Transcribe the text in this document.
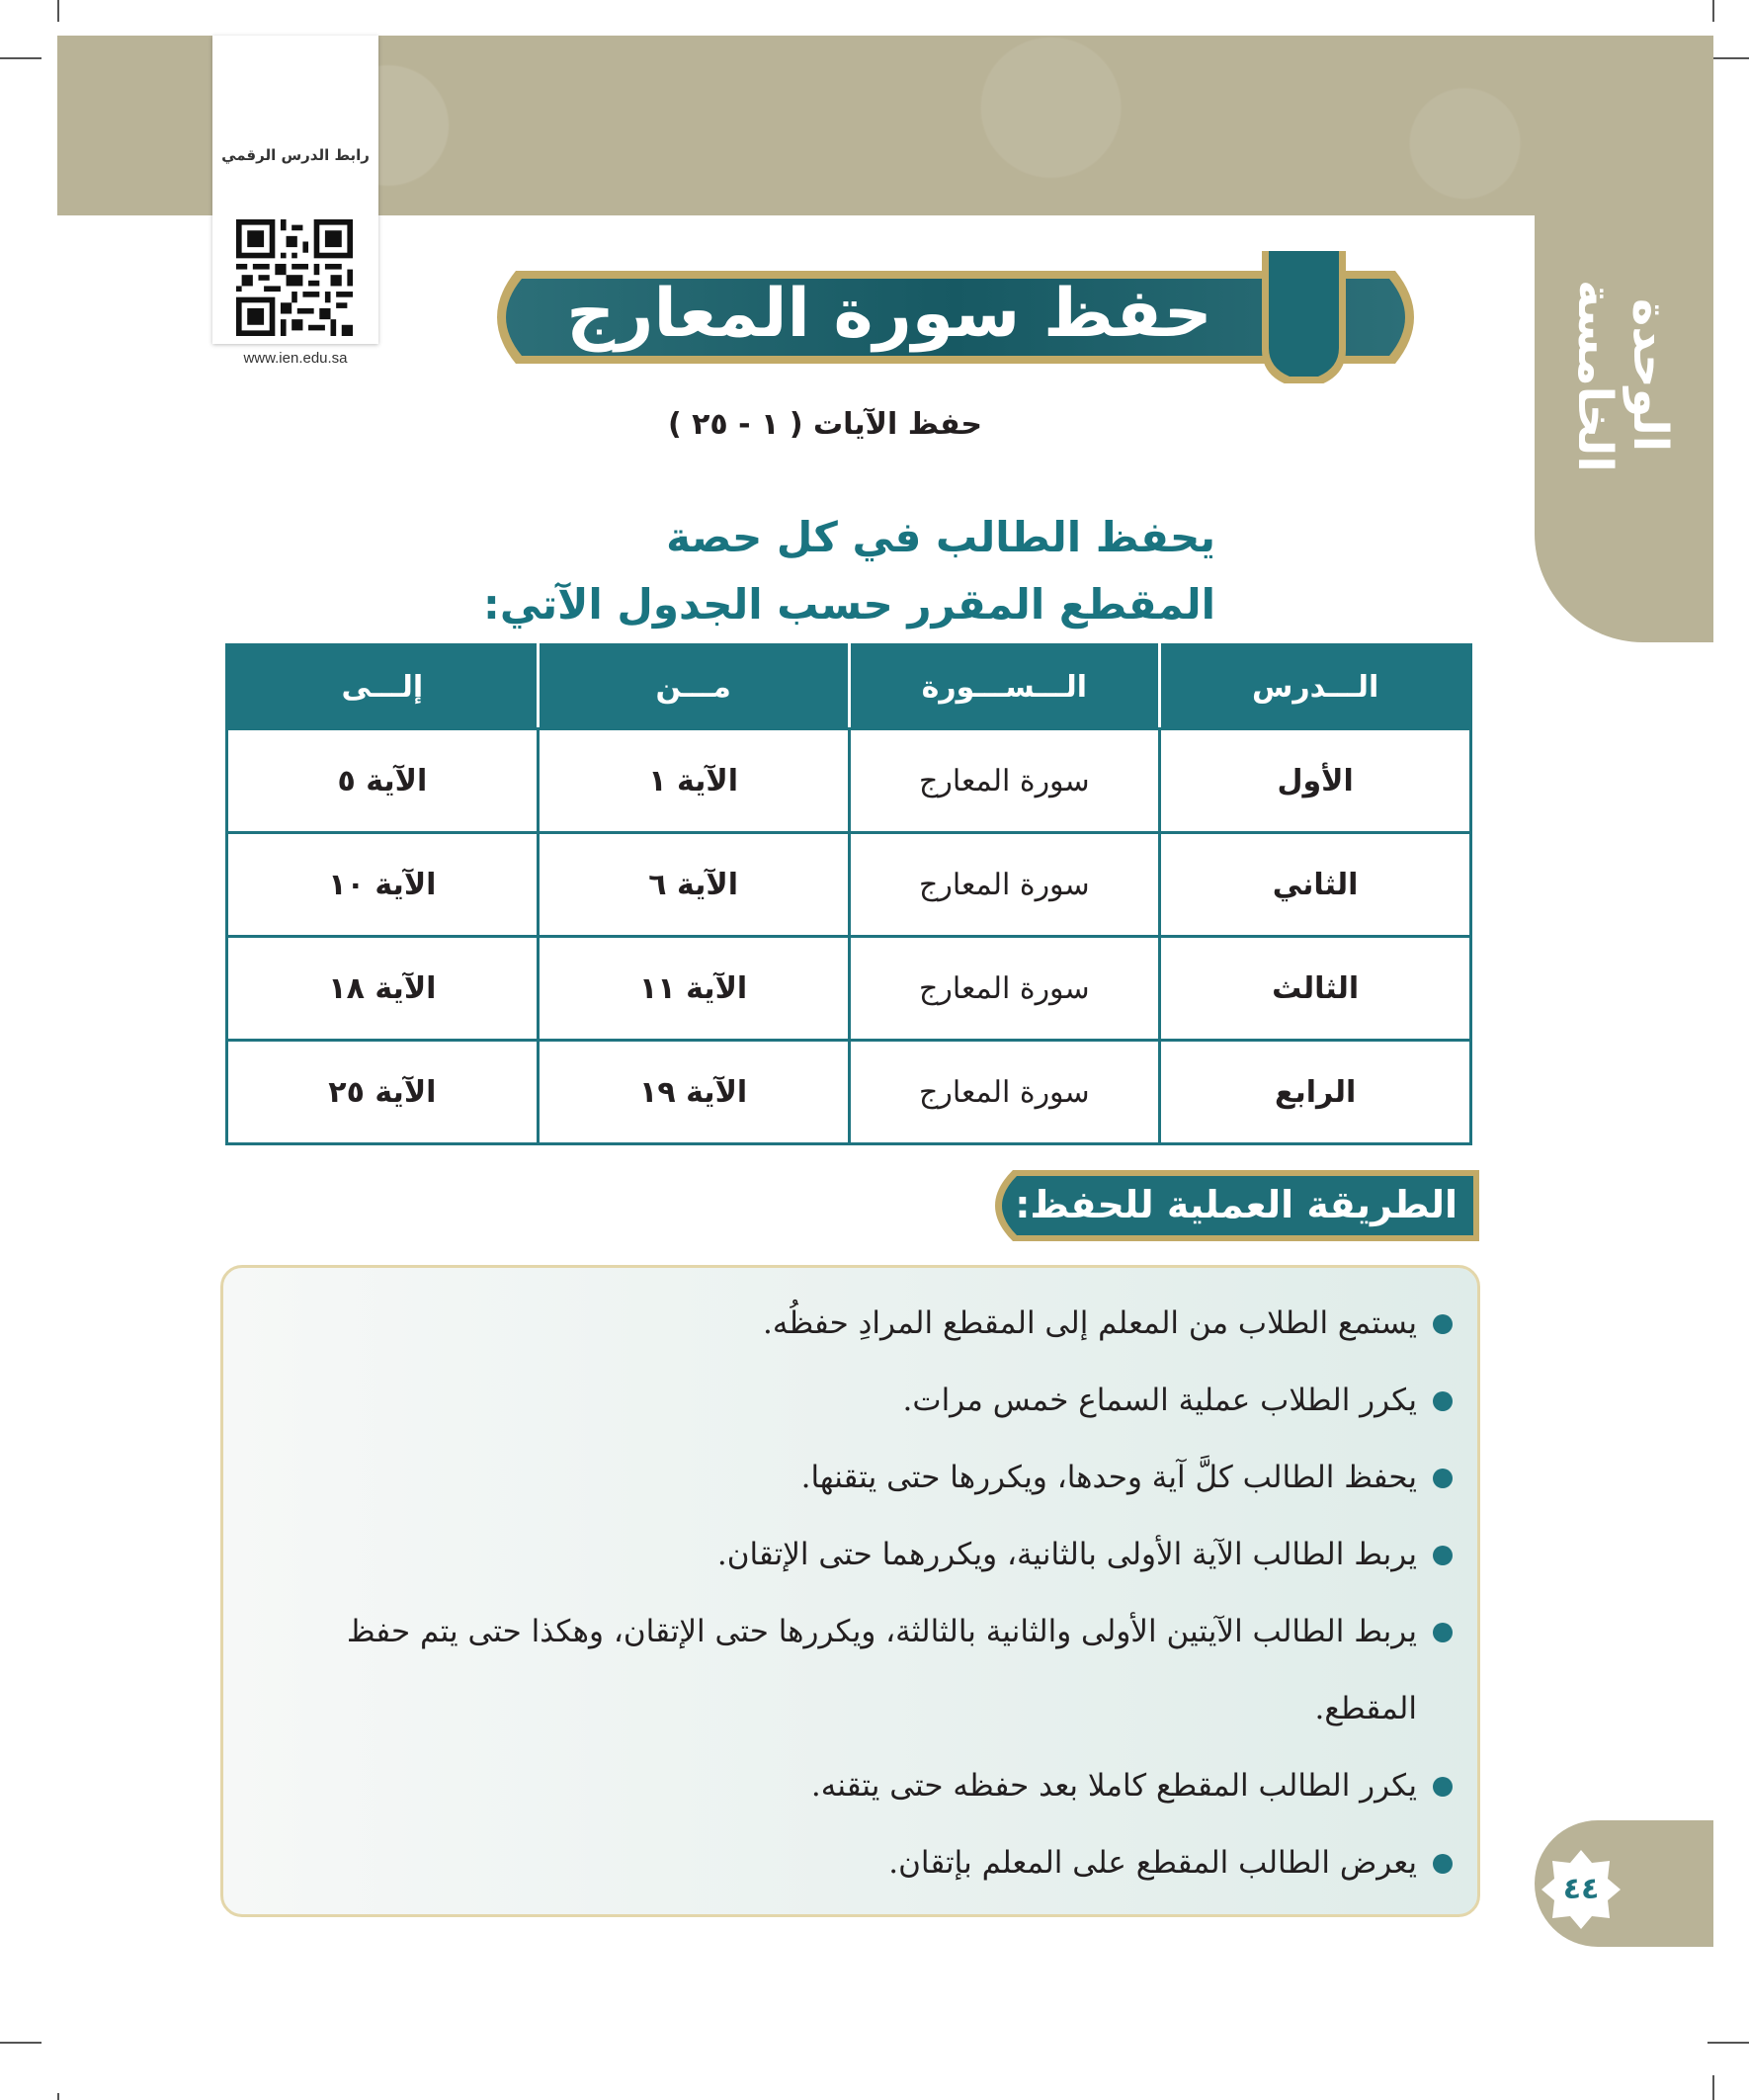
الوحدة الخامسة
رابط الدرس الرقمي
www.ien.edu.sa
حفظ سورة المعارج
حفظ الآيات ( ١ - ٢٥ )
يحفظ الطالب في كل حصة
المقطع المقرر حسب الجدول الآتي:
الـــدرس	الـــســـورة	مـــن	إلـــى
الأول	سورة المعارج	الآية ١	الآية ٥
الثاني	سورة المعارج	الآية ٦	الآية ١٠
الثالث	سورة المعارج	الآية ١١	الآية ١٨
الرابع	سورة المعارج	الآية ١٩	الآية ٢٥
الطريقة العملية للحفظ:
يستمع الطلاب من المعلم إلى المقطع المرادِ حفظُه.
يكرر الطلاب عملية السماع خمس مرات.
يحفظ الطالب كلَّ آية وحدها، ويكررها حتى يتقنها.
يربط الطالب الآية الأولى بالثانية، ويكررهما حتى الإتقان.
يربط الطالب الآيتين الأولى والثانية بالثالثة، ويكررها حتى الإتقان، وهكذا حتى يتم حفظ المقطع.
يكرر الطالب المقطع كاملا بعد حفظه حتى يتقنه.
يعرض الطالب المقطع على المعلم بإتقان.
٤٤
